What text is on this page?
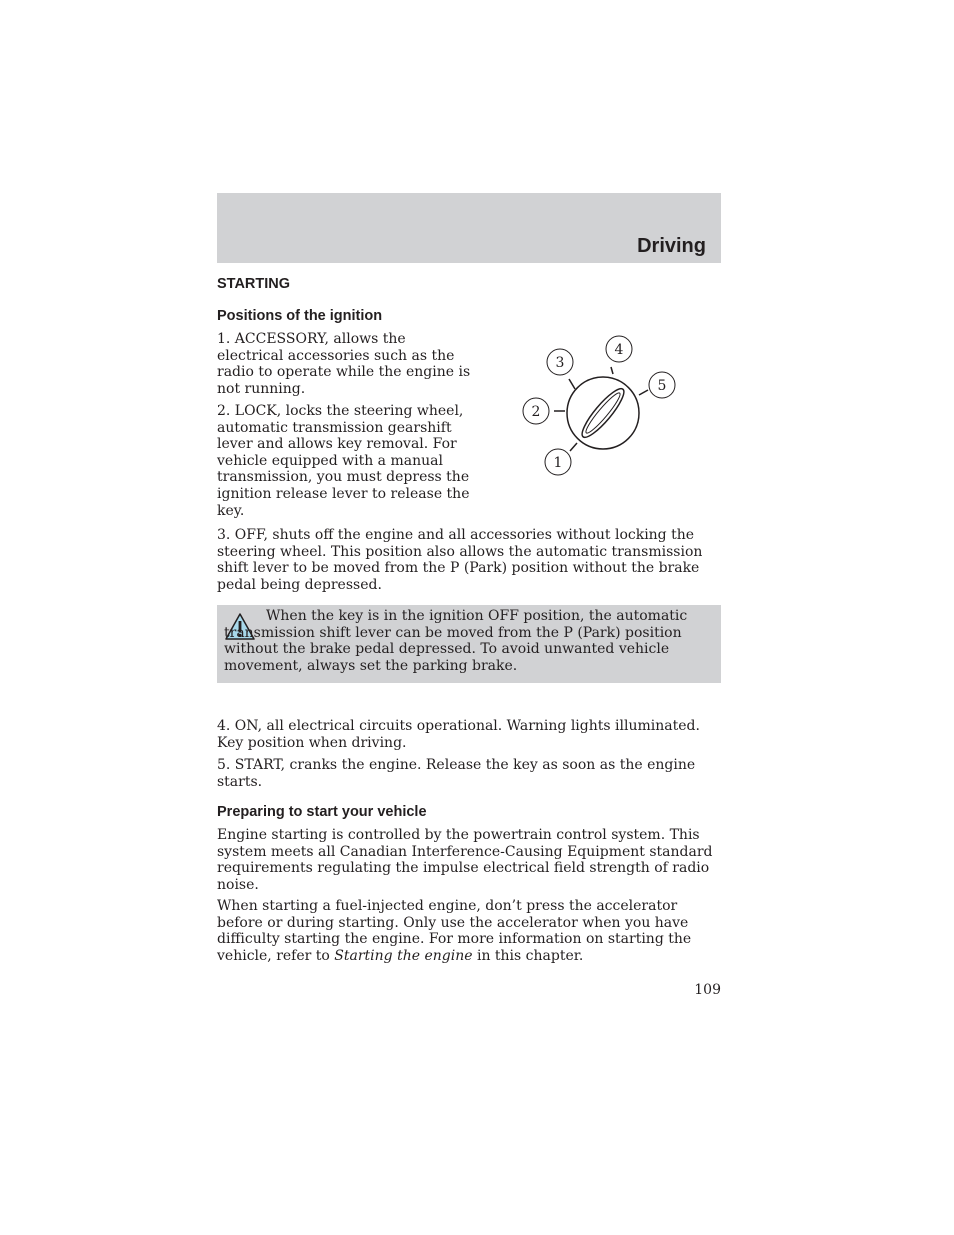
Driving
STARTING
Positions of the ignition

1. ACCESSORY, allows the electrical accessories such as the radio to operate while the engine is not running.

2. LOCK, locks the steering wheel, automatic transmission gearshift lever and allows key removal. For vehicle equipped with a manual transmission, you must depress the ignition release lever to release the key.

3. OFF, shuts off the engine and all accessories without locking the steering wheel. This position also allows the automatic transmission shift lever to be moved from the P (Park) position without the brake pedal being depressed.

1
2
3
4
5

When the key is in the ignition OFF position, the automatic transmission shift lever can be moved from the P (Park) position without the brake pedal depressed. To avoid unwanted vehicle movement, always set the parking brake.

4. ON, all electrical circuits operational. Warning lights illuminated. Key position when driving.

5. START, cranks the engine. Release the key as soon as the engine starts.

Preparing to start your vehicle

Engine starting is controlled by the powertrain control system. This system meets all Canadian Interference-Causing Equipment standard requirements regulating the impulse electrical field strength of radio noise.

When starting a fuel-injected engine, don’t press the accelerator before or during starting. Only use the accelerator when you have difficulty starting the engine. For more information on starting the vehicle, refer to Starting the engine in this chapter.

109
